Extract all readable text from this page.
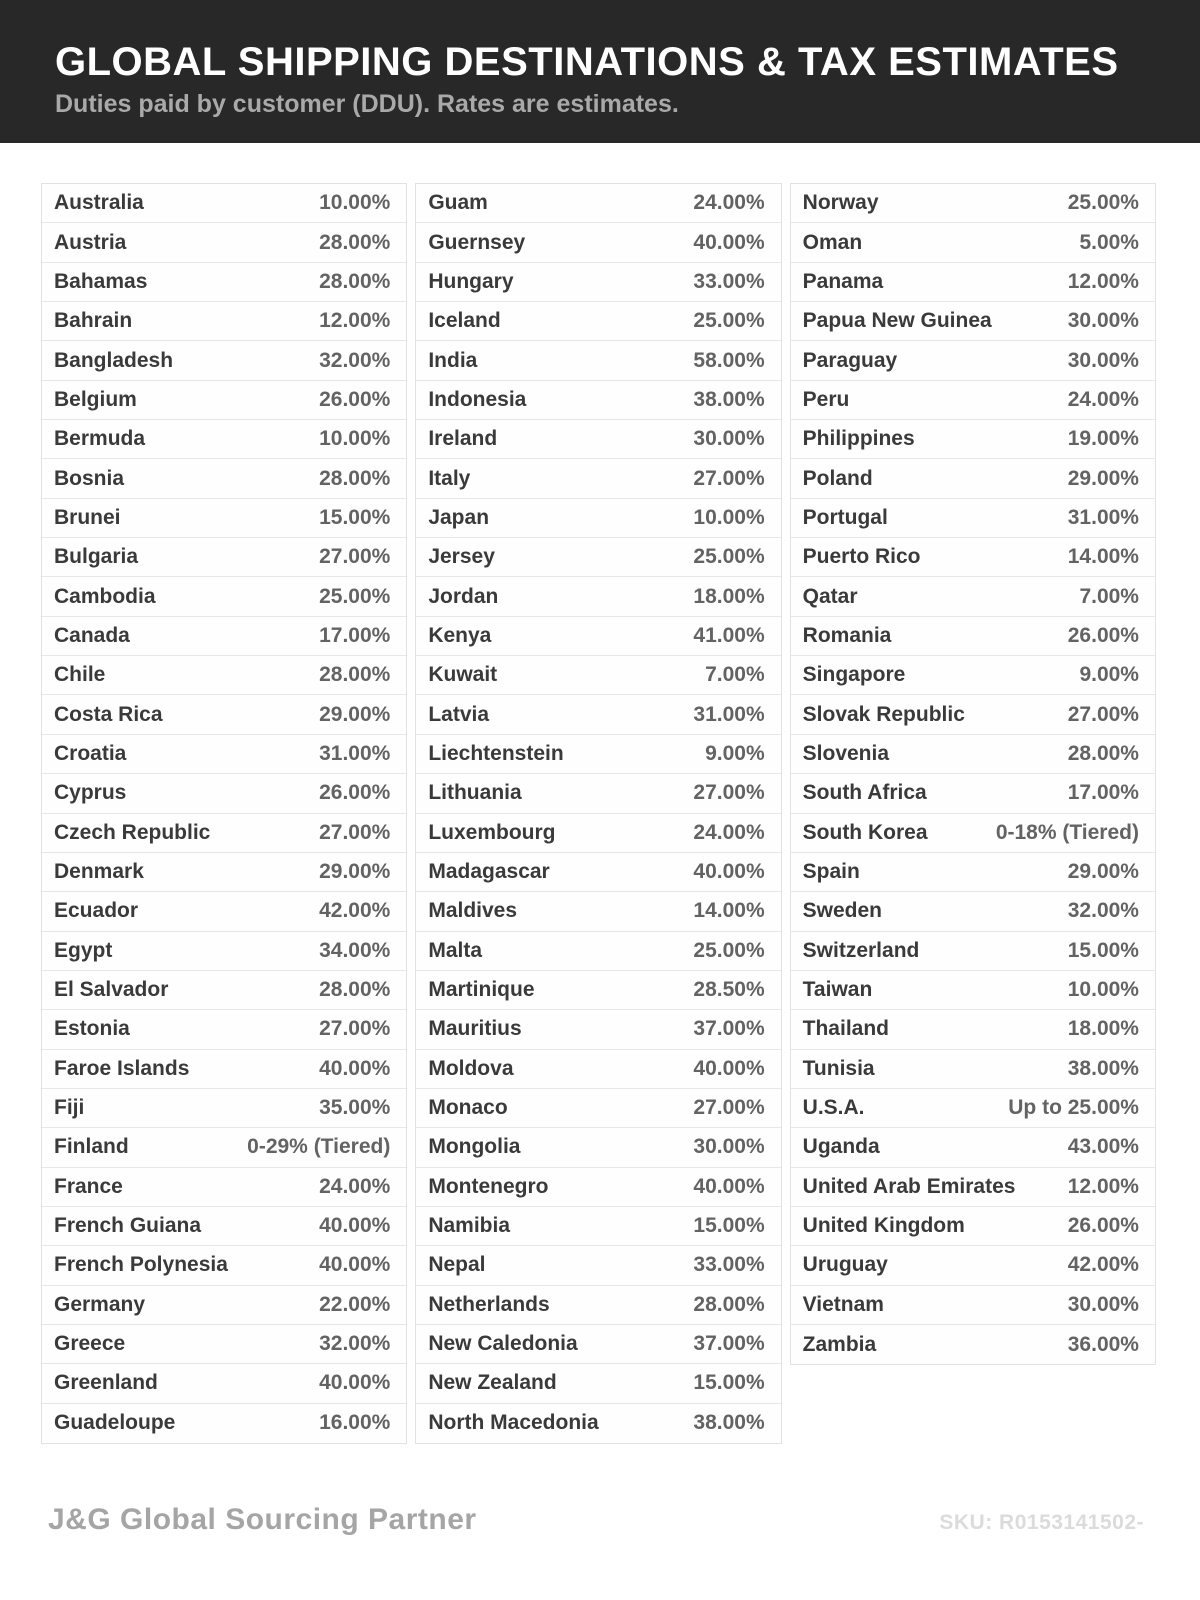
GLOBAL SHIPPING DESTINATIONS & TAX ESTIMATES
Duties paid by customer (DDU). Rates are estimates.
Australia	10.00%
Austria	28.00%
Bahamas	28.00%
Bahrain	12.00%
Bangladesh	32.00%
Belgium	26.00%
Bermuda	10.00%
Bosnia	28.00%
Brunei	15.00%
Bulgaria	27.00%
Cambodia	25.00%
Canada	17.00%
Chile	28.00%
Costa Rica	29.00%
Croatia	31.00%
Cyprus	26.00%
Czech Republic	27.00%
Denmark	29.00%
Ecuador	42.00%
Egypt	34.00%
El Salvador	28.00%
Estonia	27.00%
Faroe Islands	40.00%
Fiji	35.00%
Finland	0-29% (Tiered)
France	24.00%
French Guiana	40.00%
French Polynesia	40.00%
Germany	22.00%
Greece	32.00%
Greenland	40.00%
Guadeloupe	16.00%
Guam	24.00%
Guernsey	40.00%
Hungary	33.00%
Iceland	25.00%
India	58.00%
Indonesia	38.00%
Ireland	30.00%
Italy	27.00%
Japan	10.00%
Jersey	25.00%
Jordan	18.00%
Kenya	41.00%
Kuwait	7.00%
Latvia	31.00%
Liechtenstein	9.00%
Lithuania	27.00%
Luxembourg	24.00%
Madagascar	40.00%
Maldives	14.00%
Malta	25.00%
Martinique	28.50%
Mauritius	37.00%
Moldova	40.00%
Monaco	27.00%
Mongolia	30.00%
Montenegro	40.00%
Namibia	15.00%
Nepal	33.00%
Netherlands	28.00%
New Caledonia	37.00%
New Zealand	15.00%
North Macedonia	38.00%
Norway	25.00%
Oman	5.00%
Panama	12.00%
Papua New Guinea	30.00%
Paraguay	30.00%
Peru	24.00%
Philippines	19.00%
Poland	29.00%
Portugal	31.00%
Puerto Rico	14.00%
Qatar	7.00%
Romania	26.00%
Singapore	9.00%
Slovak Republic	27.00%
Slovenia	28.00%
South Africa	17.00%
South Korea	0-18% (Tiered)
Spain	29.00%
Sweden	32.00%
Switzerland	15.00%
Taiwan	10.00%
Thailand	18.00%
Tunisia	38.00%
U.S.A.	Up to 25.00%
Uganda	43.00%
United Arab Emirates 12.00%
United Kingdom	26.00%
Uruguay	42.00%
Vietnam	30.00%
Zambia	36.00%
J&G Global Sourcing Partner	SKU: R0153141502-
